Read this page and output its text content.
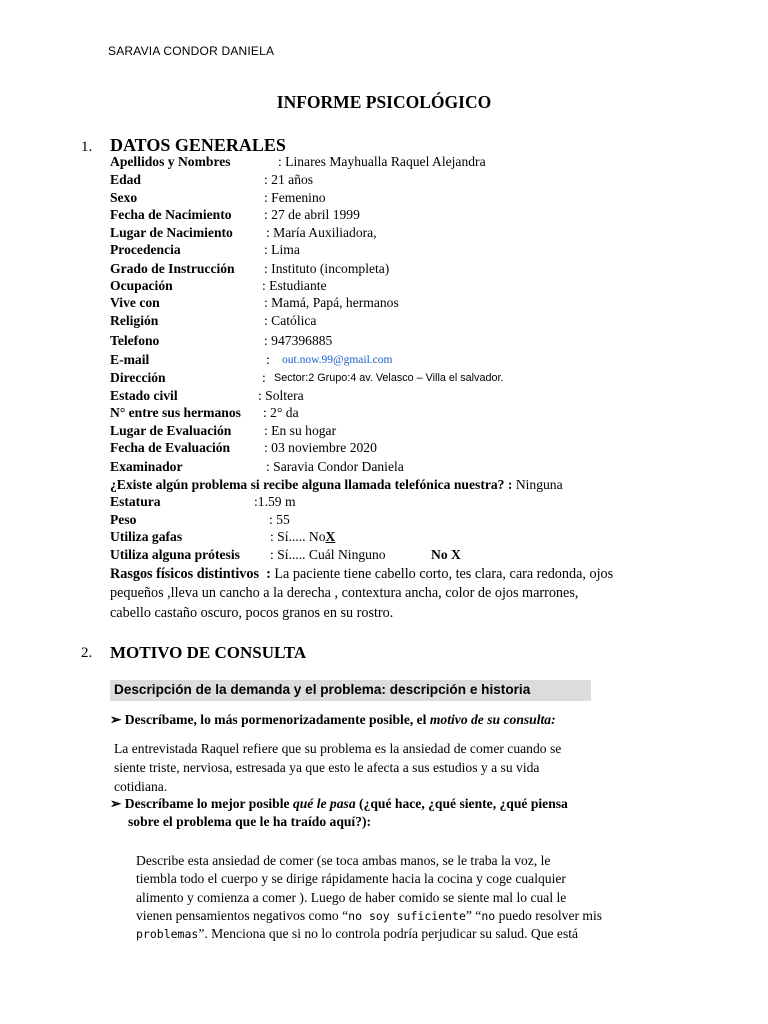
SARAVIA CONDOR DANIELA
INFORME PSICOLÓGICO
1. DATOS GENERALES
Apellidos y Nombres	: Linares Mayhualla Raquel Alejandra
Edad	: 21 años
Sexo	: Femenino
Fecha de Nacimiento : 27 de abril 1999
Lugar de Nacimiento : María Auxiliadora,
Procedencia	: Lima
Grado de Instrucción : Instituto (incompleta)
Ocupación	: Estudiante
Vive con	: Mamá, Papá, hermanos
Religión	: Católica
Telefono	: 947396885
E-mail	: out.now.99@gmail.com
Dirección	: Sector:2 Grupo:4 av. Velasco – Villa el salvador.
Estado civil	: Soltera
N° entre sus hermanos : 2° da
Lugar de Evaluación : En su hogar
Fecha de Evaluación : 03 noviembre 2020
Examinador	: Saravia Condor Daniela
¿Existe algún problema si recibe alguna llamada telefónica nuestra? : Ninguna
Estatura	:1.59 m
Peso	: 55
Utiliza gafas	: Sí..... NoX
Utiliza alguna prótesis : Sí..... Cuál Ninguno	No X
Rasgos físicos distintivos : La paciente tiene cabello corto, tes clara, cara redonda, ojos
pequeños ,lleva un cancho a la derecha , contextura ancha, color de ojos marrones,
cabello castaño oscuro, pocos granos en su rostro.
2. MOTIVO DE CONSULTA
Descripción de la demanda y el problema: descripción e historia
➢ Descríbame, lo más pormenorizadamente posible, el motivo de su consulta:
La entrevistada Raquel refiere que su problema es la ansiedad de comer cuando se
siente triste, nerviosa, estresada ya que esto le afecta a sus estudios y a su vida
cotidiana.
➢ Descríbame lo mejor posible qué le pasa (¿qué hace, ¿qué siente, ¿qué piensa
sobre el problema que le ha traído aquí?):
Describe esta ansiedad de comer (se toca ambas manos, se le traba la voz, le
tiembla todo el cuerpo y se dirige rápidamente hacia la cocina y coge cualquier
alimento y comienza a comer ). Luego de haber comido se siente mal lo cual le
vienen pensamientos negativos como “no soy suficiente” “no puedo resolver mis
problemas”. Menciona que si no lo controla podría perjudicar su salud. Que está
